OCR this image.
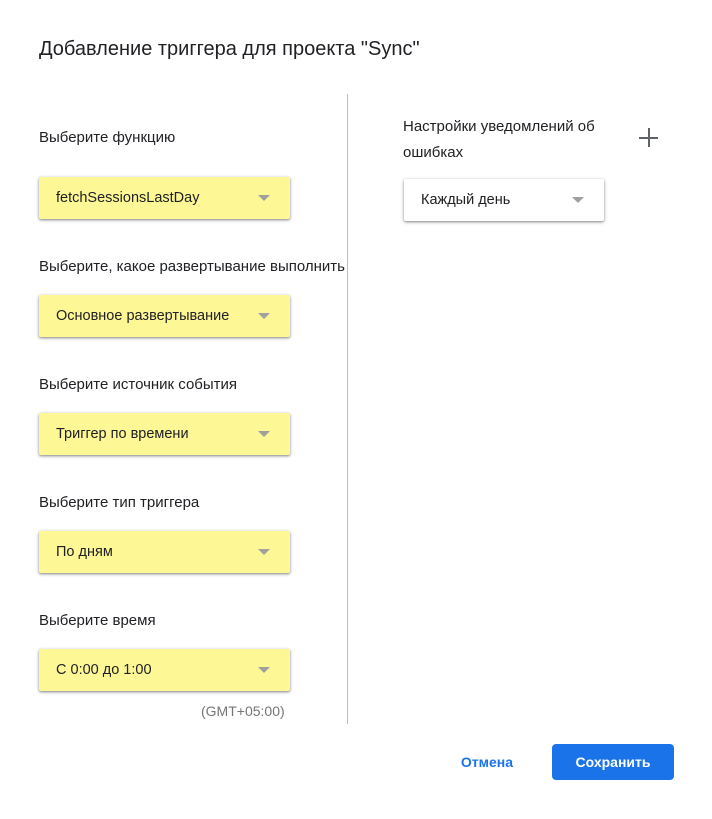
Добавление триггера для проекта "Sync"
Выберите функцию
fetchSessionsLastDay
Выберите, какое развертывание выполнить
Основное развертывание
Выберите источник события
Триггер по времени
Выберите тип триггера
По дням
Выберите время
С 0:00 до 1:00
(GMT+05:00)
Настройки уведомлений об ошибках
Каждый день
Отмена	Сохранить
